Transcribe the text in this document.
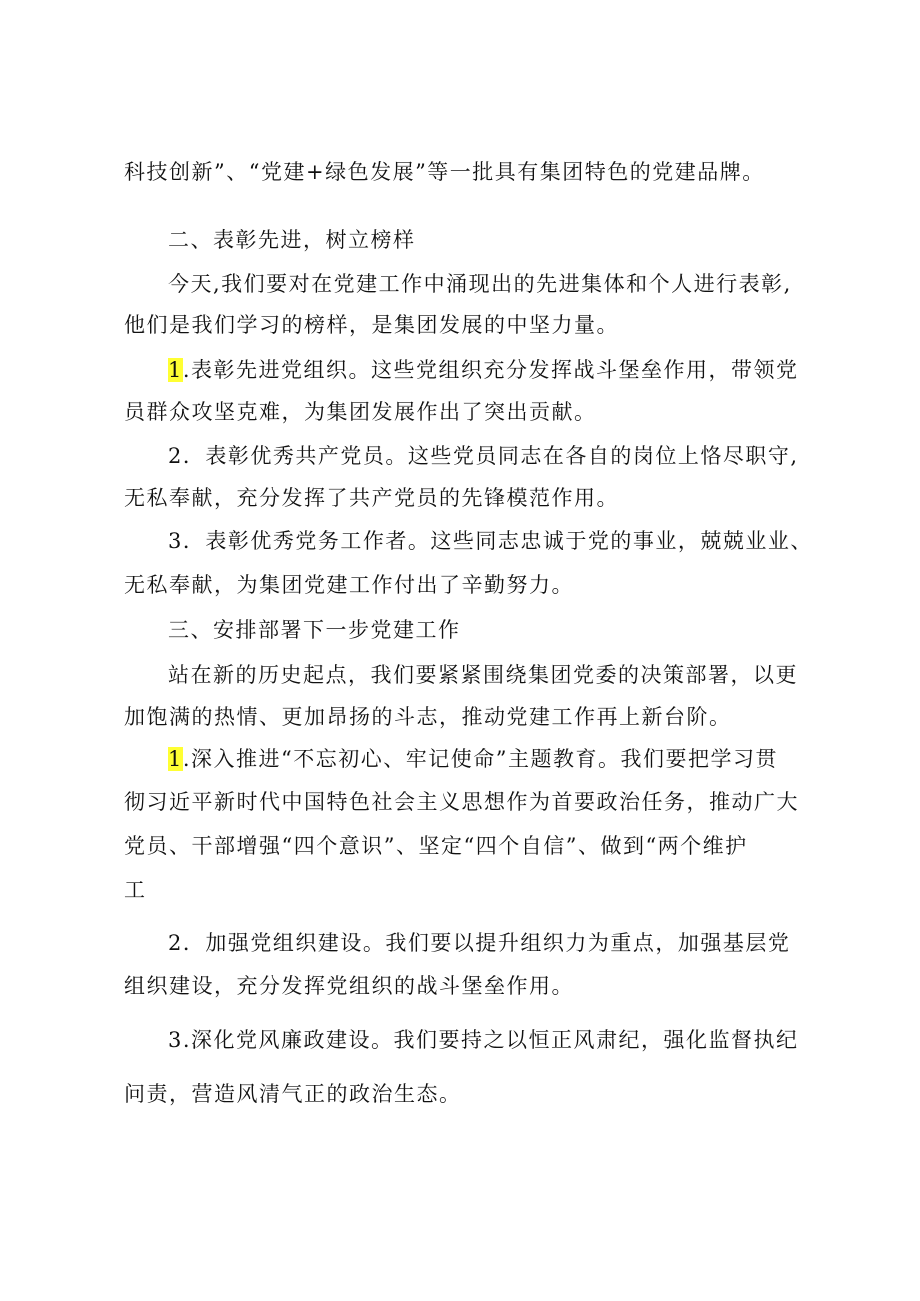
科技创新”、“党建+绿色发展”等一批具有集团特色的党建品牌。
二、表彰先进，树立榜样
今天,我们要对在党建工作中涌现出的先进集体和个人进行表彰,
他们是我们学习的榜样，是集团发展的中坚力量。
1.表彰先进党组织。这些党组织充分发挥战斗堡垒作用，带领党
员群众攻坚克难，为集团发展作出了突出贡献。
2．表彰优秀共产党员。这些党员同志在各自的岗位上恪尽职守,
无私奉献，充分发挥了共产党员的先锋模范作用。
3．表彰优秀党务工作者。这些同志忠诚于党的事业，兢兢业业、
无私奉献，为集团党建工作付出了辛勤努力。
三、安排部署下一步党建工作
站在新的历史起点，我们要紧紧围绕集团党委的决策部署，以更
加饱满的热情、更加昂扬的斗志，推动党建工作再上新台阶。
1.深入推进“不忘初心、牢记使命”主题教育。我们要把学习贯
彻习近平新时代中国特色社会主义思想作为首要政治任务，推动广大
党员、干部增强“四个意识”、坚定“四个自信”、做到“两个维护
工
2．加强党组织建设。我们要以提升组织力为重点，加强基层党
组织建设，充分发挥党组织的战斗堡垒作用。
3.深化党风廉政建设。我们要持之以恒正风肃纪，强化监督执纪
问责，营造风清气正的政治生态。
